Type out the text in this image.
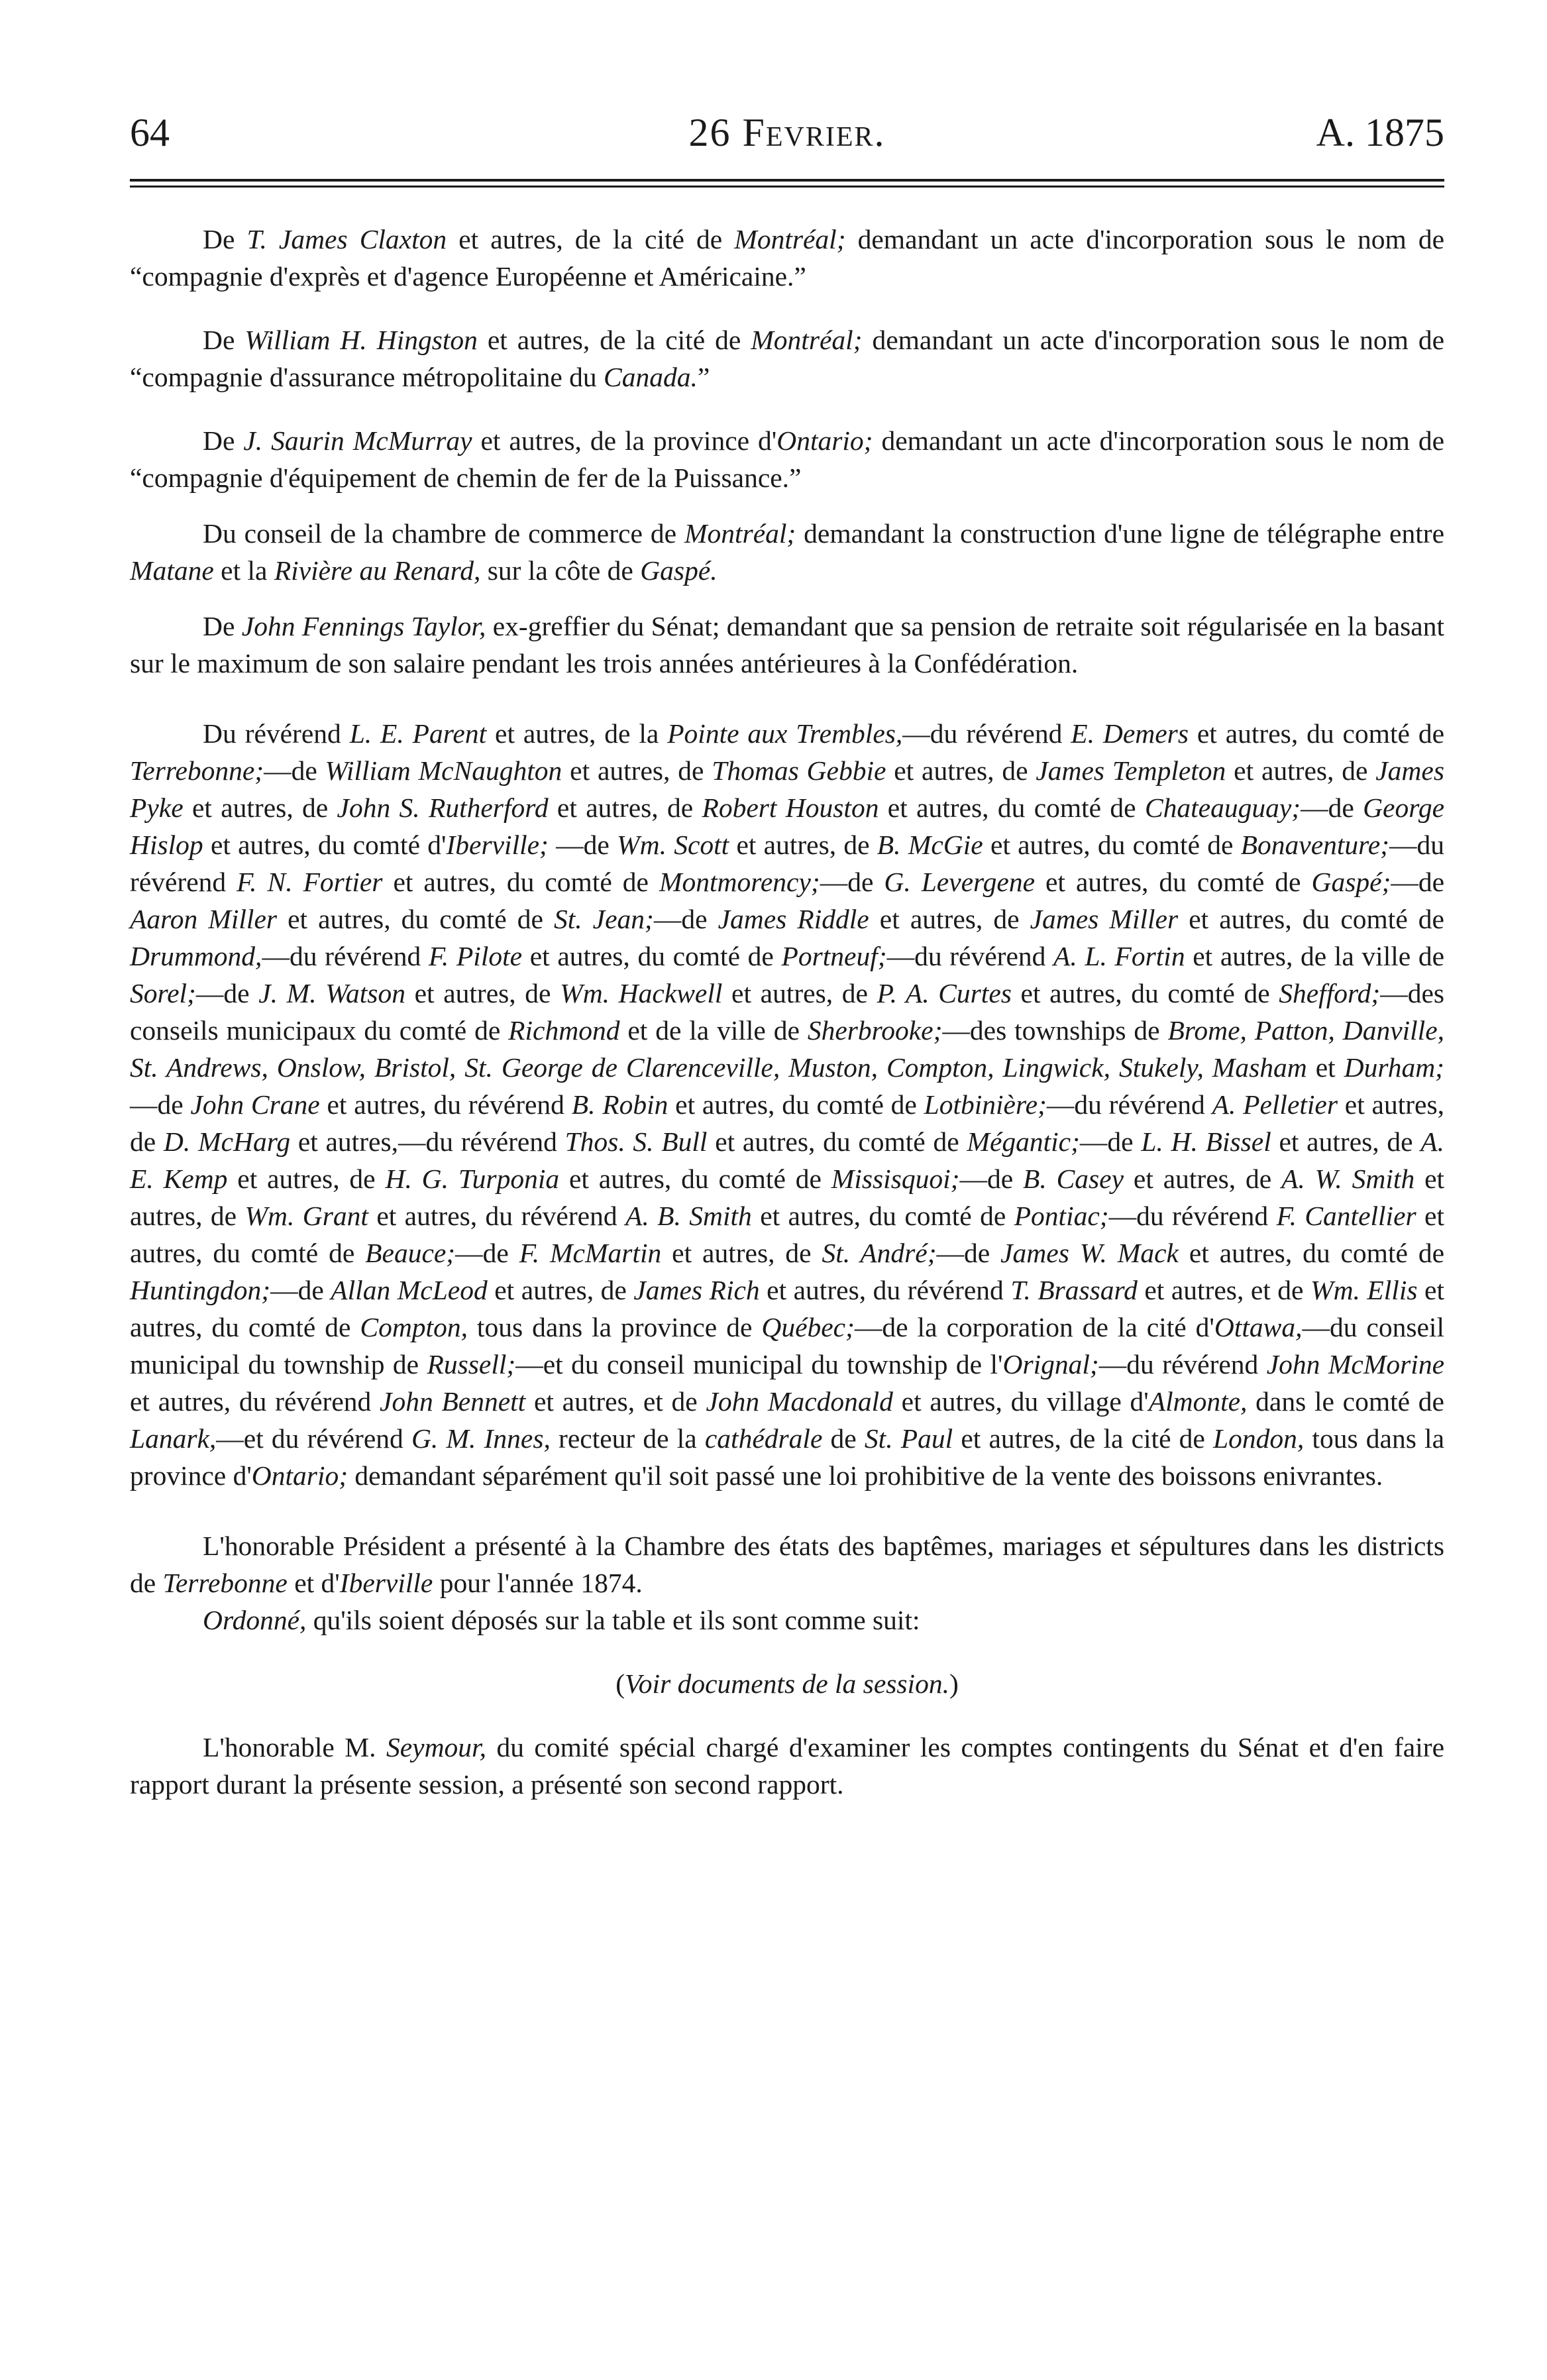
64	26 Fevrier.	A. 1875

De T. James Claxton et autres, de la cité de Montréal; demandant un acte d'incorporation sous le nom de “compagnie d'exprès et d'agence Européenne et Américaine.”

De William H. Hingston et autres, de la cité de Montréal; demandant un acte d'incorporation sous le nom de “compagnie d'assurance métropolitaine du Canada.”

De J. Saurin McMurray et autres, de la province d'Ontario; demandant un acte d'incorporation sous le nom de “compagnie d'équipement de chemin de fer de la Puissance.”

Du conseil de la chambre de commerce de Montréal; demandant la construction d'une ligne de télégraphe entre Matane et la Rivière au Renard, sur la côte de Gaspé.

De John Fennings Taylor, ex-greffier du Sénat; demandant que sa pension de retraite soit régularisée en la basant sur le maximum de son salaire pendant les trois années antérieures à la Confédération.

Du révérend L. E. Parent et autres, de la Pointe aux Trembles,—du révérend E. Demers et autres, du comté de Terrebonne;—de William McNaughton et autres, de Thomas Gebbie et autres, de James Templeton et autres, de James Pyke et autres, de John S. Rutherford et autres, de Robert Houston et autres, du comté de Chateauguay;—de George Hislop et autres, du comté d'Iberville; —de Wm. Scott et autres, de B. McGie et autres, du comté de Bonaventure;—du révérend F. N. Fortier et autres, du comté de Montmorency;—de G. Levergene et autres, du comté de Gaspé;—de Aaron Miller et autres, du comté de St. Jean;—de James Riddle et autres, de James Miller et autres, du comté de Drummond,—du révérend F. Pilote et autres, du comté de Portneuf;—du révérend A. L. Fortin et autres, de la ville de Sorel;—de J. M. Watson et autres, de Wm. Hackwell et autres, de P. A. Curtes et autres, du comté de Shefford;—des conseils municipaux du comté de Richmond et de la ville de Sherbrooke;—des townships de Brome, Patton, Danville, St. Andrews, Onslow, Bristol, St. George de Clarenceville, Muston, Compton, Lingwick, Stukely, Masham et Durham;—de John Crane et autres, du révérend B. Robin et autres, du comté de Lotbinière;—du révérend A. Pelletier et autres, de D. McHarg et autres,—du révérend Thos. S. Bull et autres, du comté de Mégantic;—de L. H. Bissel et autres, de A. E. Kemp et autres, de H. G. Turponia et autres, du comté de Missisquoi;—de B. Casey et autres, de A. W. Smith et autres, de Wm. Grant et autres, du révérend A. B. Smith et autres, du comté de Pontiac;—du révérend F. Cantellier et autres, du comté de Beauce;—de F. McMartin et autres, de St. André;—de James W. Mack et autres, du comté de Huntingdon;—de Allan McLeod et autres, de James Rich et autres, du révérend T. Brassard et autres, et de Wm. Ellis et autres, du comté de Compton, tous dans la province de Québec;—de la corporation de la cité d'Ottawa,—du conseil municipal du township de Russell;—et du conseil municipal du township de l'Orignal;—du révérend John McMorine et autres, du révérend John Bennett et autres, et de John Macdonald et autres, du village d'Almonte, dans le comté de Lanark,—et du révérend G. M. Innes, recteur de la cathédrale de St. Paul et autres, de la cité de London, tous dans la province d'Ontario; demandant séparément qu'il soit passé une loi prohibitive de la vente des boissons enivrantes.

L'honorable Président a présenté à la Chambre des états des baptêmes, mariages et sépultures dans les districts de Terrebonne et d'Iberville pour l'année 1874.

Ordonné, qu'ils soient déposés sur la table et ils sont comme suit:

(Voir documents de la session.)

L'honorable M. Seymour, du comité spécial chargé d'examiner les comptes contingents du Sénat et d'en faire rapport durant la présente session, a présenté son second rapport.
